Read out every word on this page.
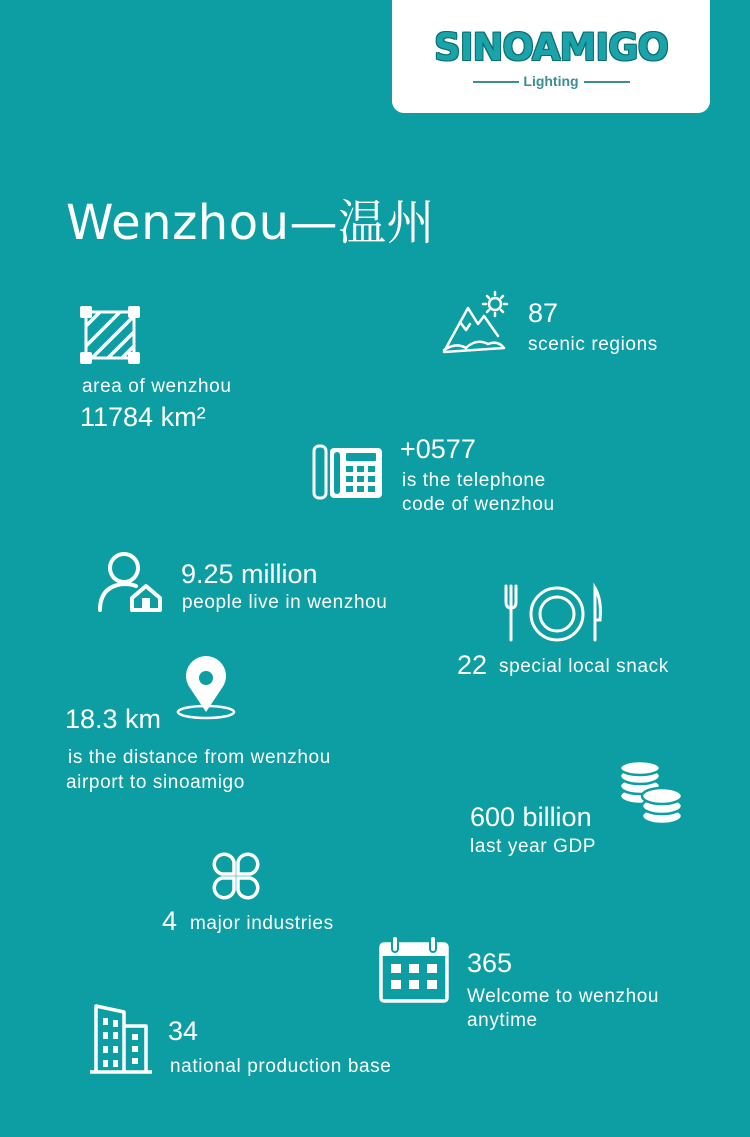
SINOAMIGO
Lighting
Wenzhou—温州
87
scenic regions
area of wenzhou
11784 km²
+0577
is the telephone
code of wenzhou
9.25 million
people live in wenzhou
22 special local snack
18.3 km
is the distance from wenzhou
airport to sinoamigo
600 billion
last year GDP
4 major industries
365
Welcome to wenzhou
anytime
34
national production base
